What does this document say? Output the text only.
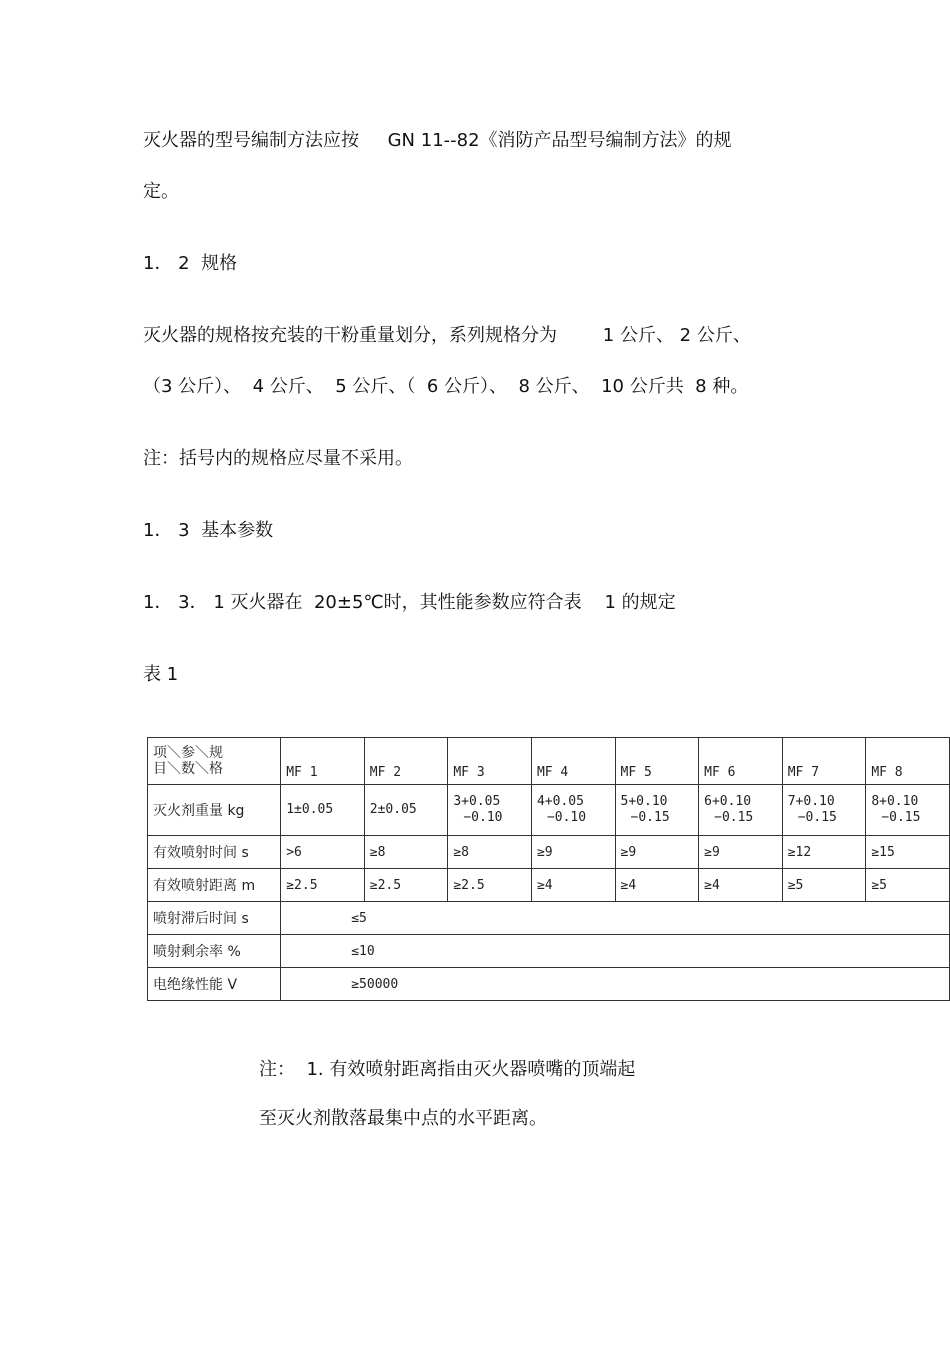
灭火器的型号编制方法应按     GN 11--82《消防产品型号编制方法》的规
定。
1． 2  规格
灭火器的规格按充装的干粉重量划分，系列规格分为        1 公斤、 2 公斤、
（3 公斤）、  4 公斤、  5 公斤、（  6 公斤）、  8 公斤、  10 公斤共  8 种。
注：括号内的规格应尽量不采用。
1． 3  基本参数
1． 3． 1 灭火器在  20±5℃时，其性能参数应符合表    1 的规定
表 1
项＼参＼规
目＼数＼格	MF 1	MF 2	MF 3	MF 4	MF 5	MF 6	MF 7	MF 8
灭火剂重量 kg	1±0.05	2±0.05	3+0.05
−0.10	4+0.05
−0.10	5+0.10
−0.15	6+0.10
−0.15	7+0.10
−0.15	8+0.10
−0.15

有效喷射时间 s	>6	≥8	≥8	≥9	≥9	≥9	≥12	≥15
有效喷射距离 m	≥2.5	≥2.5	≥2.5	≥4	≥4	≥4	≥5	≥5
喷射滞后时间 s	≤5							
喷射剩余率 %	≤10							
电绝缘性能 V	≥50000							
注：  1. 有效喷射距离指由灭火器喷嘴的顶端起
至灭火剂散落最集中点的水平距离。
